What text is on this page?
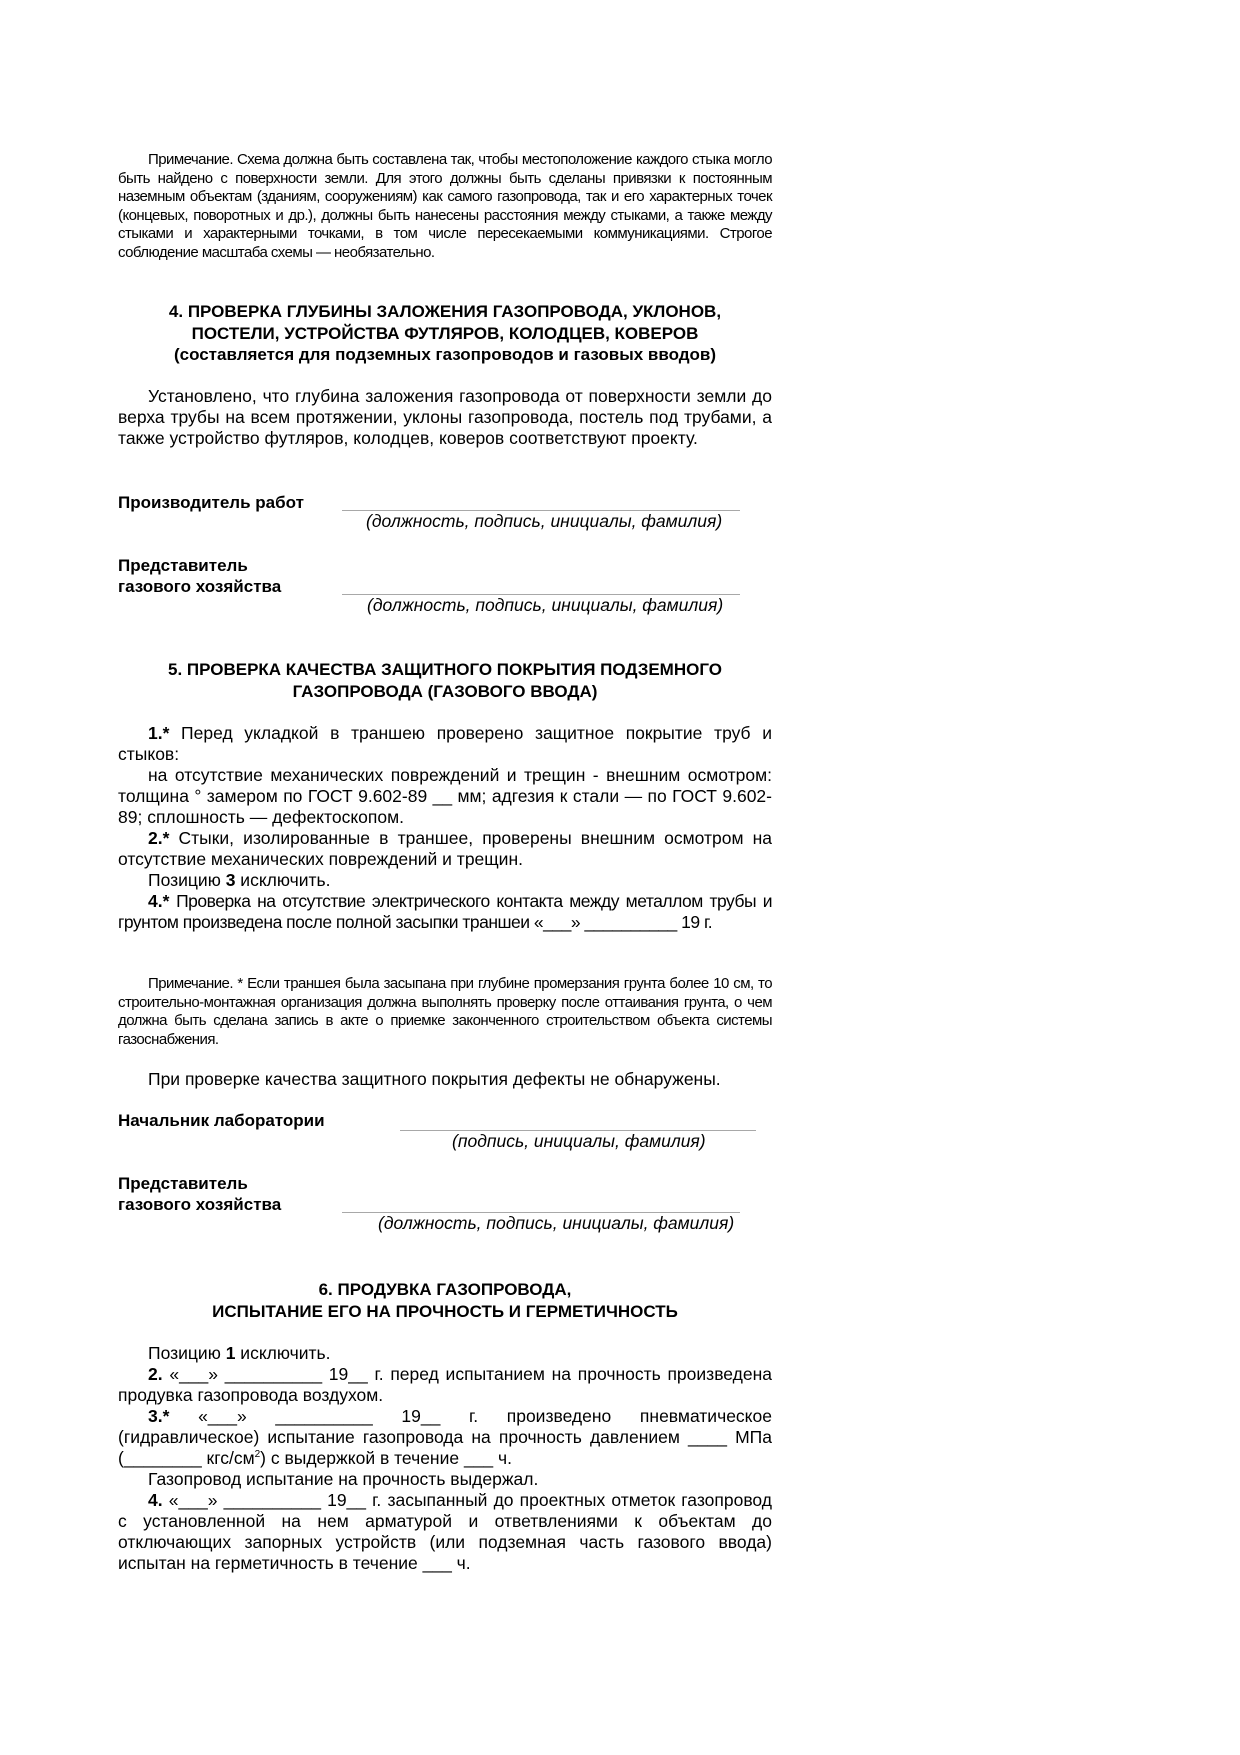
Примечание. Схема должна быть составлена так, чтобы местоположение каждого стыка могло быть найдено с поверхности земли. Для этого должны быть сделаны привязки к постоянным наземным объектам (зданиям, сооружениям) как самого газопровода, так и его характерных точек (концевых, поворотных и др.), должны быть нанесены расстояния между стыками, а также между стыками и характерными точками, в том числе пересекаемыми коммуникациями. Строгое соблюдение масштаба схемы — необязательно.
4. ПРОВЕРКА ГЛУБИНЫ ЗАЛОЖЕНИЯ ГАЗОПРОВОДА, УКЛОНОВ,
ПОСТЕЛИ, УСТРОЙСТВА ФУТЛЯРОВ, КОЛОДЦЕВ, КОВЕРОВ
(составляется для подземных газопроводов и газовых вводов)
Установлено, что глубина заложения газопровода от поверхности земли до верха трубы на всем протяжении, уклоны газопровода, постель под трубами, а также устройство футляров, колодцев, коверов соответствуют проекту.
Производитель работ
(должность, подпись, инициалы, фамилия)
Представитель
газового хозяйства
(должность, подпись, инициалы, фамилия)
5. ПРОВЕРКА КАЧЕСТВА ЗАЩИТНОГО ПОКРЫТИЯ ПОДЗЕМНОГО
ГАЗОПРОВОДА (ГАЗОВОГО ВВОДА)

1.* Перед укладкой в траншею проверено защитное покрытие труб и стыков:

на отсутствие механических повреждений и трещин - внешним осмотром: толщина ° замером по ГОСТ 9.602-89 __ мм; адгезия к стали — по ГОСТ 9.602-89; сплошность — дефектоскопом.

2.* Стыки, изолированные в траншее, проверены внешним осмотром на отсутствие механических повреждений и трещин.

Позицию 3 исключить.

4.* Проверка на отсутствие электрического контакта между металлом трубы и грунтом произведена после полной засыпки траншеи «___» __________ 19 г.

Примечание. * Если траншея была засыпана при глубине промерзания грунта более 10 см, то строительно-монтажная организация должна выполнять проверку после оттаивания грунта, о чем должна быть сделана запись в акте о приемке законченного строительством объекта системы газоснабжения.
При проверке качества защитного покрытия дефекты не обнаружены.
Начальник лаборатории
(подпись, инициалы, фамилия)
Представитель
газового хозяйства
(должность, подпись, инициалы, фамилия)
6. ПРОДУВКА ГАЗОПРОВОДА,
ИСПЫТАНИЕ ЕГО НА ПРОЧНОСТЬ И ГЕРМЕТИЧНОСТЬ

Позицию 1 исключить.

2. «___» __________ 19__ г. перед испытанием на прочность произведена продувка газопровода воздухом.

3.* «___» __________ 19__ г. произведено пневматическое (гидравлическое) испытание газопровода на прочность давлением ____ МПа (________ кгс/$см^2$) с выдержкой в течение ___ ч.

Газопровод испытание на прочность выдержал.

4. «___» __________ 19__ г. засыпанный до проектных отметок газопровод с установленной на нем арматурой и ответвлениями к объектам до отключающих запорных устройств (или подземная часть газового ввода) испытан на герметичность в течение ___ ч.
